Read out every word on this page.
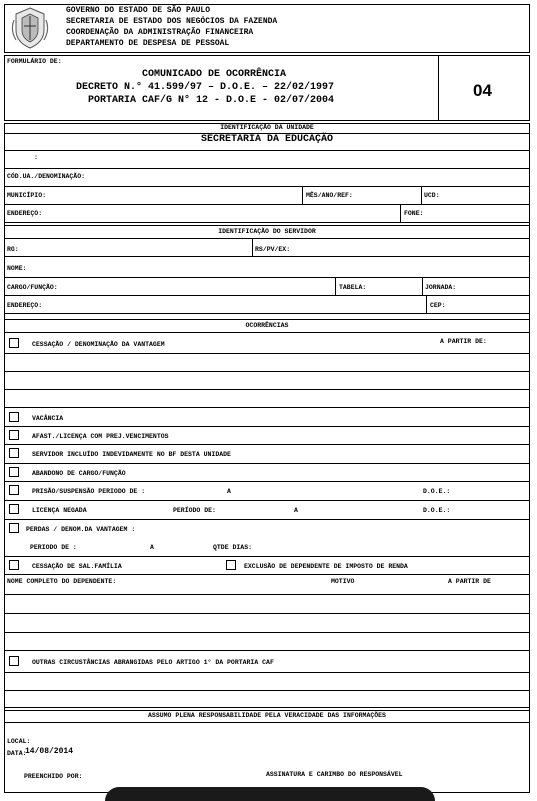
GOVERNO DO ESTADO DE SÃO PAULO
SECRETARIA DE ESTADO DOS NEGÓCIOS DA FAZENDA
COORDENAÇÃO DA ADMINISTRAÇÃO FINANCEIRA
DEPARTAMENTO DE DESPESA DE PESSOAL
FORMULÁRIO DE:
COMUNICADO DE OCORRÊNCIA
DECRETO N.° 41.599/97 – D.O.E. – 22/02/1997
PORTARIA CAF/G N° 12 - D.O.E - 02/07/2004
04
IDENTIFICAÇÃO DA UNIDADE
SECRETARIA DA EDUCAÇÃO
:
CÓD.UA./DENOMINAÇÃO:
MUNICÍPIO:	MÊS/ANO/REF:	UCD:
ENDEREÇO:	FONE:
IDENTIFICAÇÃO DO SERVIDOR
RG:	RS/PV/EX:
NOME:
CARGO/FUNÇÃO:	TABELA:	JORNADA:
ENDEREÇO:	CEP:
OCORRÊNCIAS
CESSAÇÃO / DENOMINAÇÃO DA VANTAGEM	A PARTIR DE:
VACÂNCIA
AFAST./LICENÇA COM PREJ.VENCIMENTOS
SERVIDOR INCLUÍDO INDEVIDAMENTE NO BF DESTA UNIDADE
ABANDONO DE CARGO/FUNÇÃO
PRISÃO/SUSPENSÃO PERIODO DE :	A	D.O.E.:
LICENÇA NEGADA	PERÍODO DE:	A	D.O.E.:
PERDAS / DENOM.DA VANTAGEM :
PERIODO DE :	A	QTDE DIAS:
CESSAÇÃO DE SAL.FAMÍLIA	EXCLUSÃO DE DEPENDENTE DE IMPOSTO DE RENDA
NOME COMPLETO DO DEPENDENTE:	MOTIVO	A PARTIR DE
OUTRAS CIRCUSTÂNCIAS ABRANGIDAS PELO ARTIGO 1° DA PORTARIA CAF
ASSUMO PLENA RESPONSABILIDADE PELA VERACIDADE DAS INFORMAÇÕES
LOCAL:
DATA:
14/08/2014
PREENCHIDO POR:	ASSINATURA E CARIMBO DO RESPONSÁVEL
